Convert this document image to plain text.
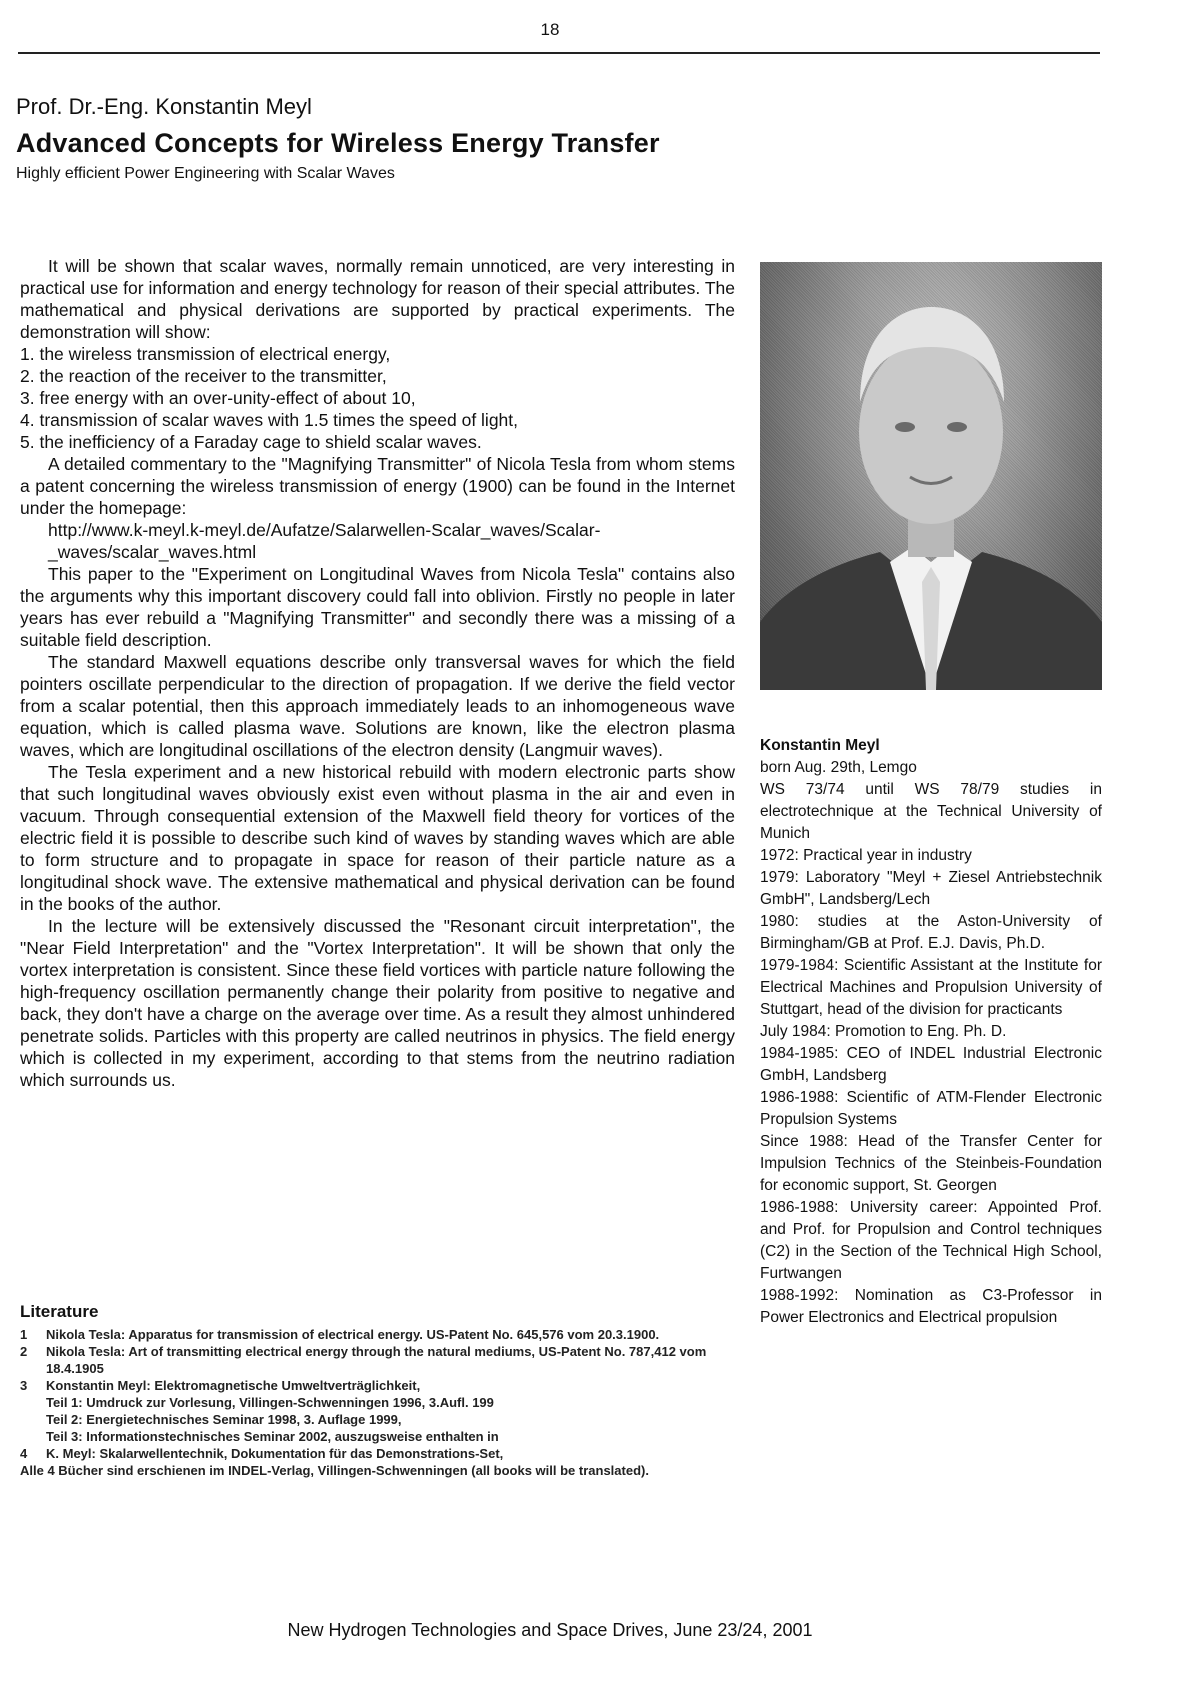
18
Prof. Dr.-Eng. Konstantin Meyl
Advanced Concepts for Wireless Energy Transfer
Highly efficient Power Engineering with Scalar Waves

It will be shown that scalar waves, normally remain unnoticed, are very interesting in practical use for information and energy technology for reason of their special attributes. The mathematical and physical derivations are supported by practical experiments. The demonstration will show:

1. the wireless transmission of electrical energy,
2. the reaction of the receiver to the transmitter,
3. free energy with an over-unity-effect of about 10,
4. transmission of scalar waves with 1.5 times the speed of light,
5. the inefficiency of a Faraday cage to shield scalar waves.

A detailed commentary to the "Magnifying Transmitter" of Nicola Tesla from whom stems a patent concerning the wireless transmission of energy (1900) can be found in the Internet under the homepage:

http://www.k-meyl.k-meyl.de/Aufatze/Salarwellen-Scalar_waves/Scalar-_waves/scalar_waves.html

This paper to the "Experiment on Longitudinal Waves from Nicola Tesla" contains also the arguments why this important discovery could fall into oblivion. Firstly no people in later years has ever rebuild a "Magnifying Transmitter" and secondly there was a missing of a suitable field description.

The standard Maxwell equations describe only transversal waves for which the field pointers oscillate perpendicular to the direction of propagation. If we derive the field vector from a scalar potential, then this approach immediately leads to an inhomogeneous wave equation, which is called plasma wave. Solutions are known, like the electron plasma waves, which are longitudinal oscillations of the electron density (Langmuir waves).

The Tesla experiment and a new historical rebuild with modern electronic parts show that such longitudinal waves obviously exist even without plasma in the air and even in vacuum. Through consequential extension of the Maxwell field theory for vortices of the electric field it is possible to describe such kind of waves by standing waves which are able to form structure and to propagate in space for reason of their particle nature as a longitudinal shock wave. The extensive mathematical and physical derivation can be found in the books of the author.

In the lecture will be extensively discussed the "Resonant circuit interpretation", the "Near Field Interpretation" and the "Vortex Interpretation". It will be shown that only the vortex interpretation is consistent. Since these field vortices with particle nature following the high-frequency oscillation permanently change their polarity from positive to negative and back, they don't have a charge on the average over time. As a result they almost unhindered penetrate solids. Particles with this property are called neutrinos in physics. The field energy which is collected in my experiment, according to that stems from the neutrino radiation which surrounds us.

Literature
1	Nikola Tesla: Apparatus for transmission of electrical energy. US-Patent No. 645,576 vom 20.3.1900.
2	Nikola Tesla: Art of transmitting electrical energy through the natural mediums, US-Patent No. 787,412 vom 18.4.1905
3	Konstantin Meyl: Elektromagnetische Umweltverträglichkeit,
Teil 1: Umdruck zur Vorlesung, Villingen-Schwenningen 1996, 3.Aufl. 199
Teil 2: Energietechnisches Seminar 1998, 3. Auflage 1999,
Teil 3: Informationstechnisches Seminar 2002, auszugsweise enthalten in
4	K. Meyl: Skalarwellentechnik, Dokumentation für das Demonstrations-Set,
Alle 4 Bücher sind erschienen im INDEL-Verlag, Villingen-Schwenningen (all books will be translated).
Konstantin Meyl

born Aug. 29th, Lemgo

WS 73/74 until WS 78/79 studies in electrotechnique at the Technical University of Munich

1972: Practical year in industry

1979: Laboratory "Meyl + Ziesel Antriebstechnik GmbH", Landsberg/Lech

1980: studies at the Aston-University of Birmingham/GB at Prof. E.J. Davis, Ph.D.

1979-1984: Scientific Assistant at the Institute for Electrical Machines and Propulsion University of Stuttgart, head of the division for practicants

July 1984: Promotion to Eng. Ph. D.

1984-1985: CEO of INDEL Industrial Electronic GmbH, Landsberg

1986-1988: Scientific of ATM-Flender Electronic Propulsion Systems

Since 1988: Head of the Transfer Center for Impulsion Technics of the Steinbeis-Foundation for economic support, St. Georgen

1986-1988: University career: Appointed Prof. and Prof. for Propulsion and Control techniques (C2) in the Section of the Technical High School, Furtwangen

1988-1992: Nomination as C3-Professor in Power Electronics and Electrical propulsion

New Hydrogen Technologies and Space Drives, June 23/24, 2001
